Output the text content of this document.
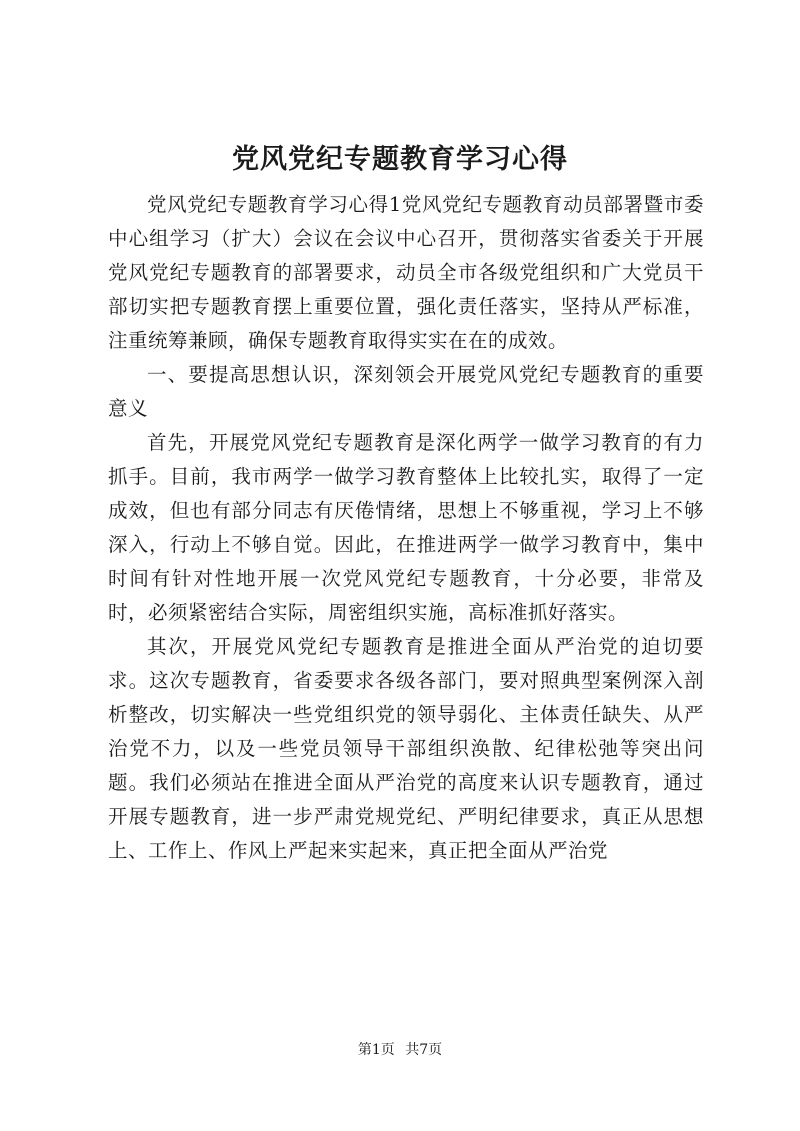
党风党纪专题教育学习心得

党风党纪专题教育学习心得1党风党纪专题教育动员部署暨市委中心组学习（扩大）会议在会议中心召开，贯彻落实省委关于开展党风党纪专题教育的部署要求，动员全市各级党组织和广大党员干部切实把专题教育摆上重要位置，强化责任落实，坚持从严标准，注重统筹兼顾，确保专题教育取得实实在在的成效。

一、要提高思想认识，深刻领会开展党风党纪专题教育的重要意义

首先，开展党风党纪专题教育是深化两学一做学习教育的有力抓手。目前，我市两学一做学习教育整体上比较扎实，取得了一定成效，但也有部分同志有厌倦情绪，思想上不够重视，学习上不够深入，行动上不够自觉。因此，在推进两学一做学习教育中，集中时间有针对性地开展一次党风党纪专题教育，十分必要，非常及时，必须紧密结合实际，周密组织实施，高标准抓好落实。

其次，开展党风党纪专题教育是推进全面从严治党的迫切要求。这次专题教育，省委要求各级各部门，要对照典型案例深入剖析整改，切实解决一些党组织党的领导弱化、主体责任缺失、从严治党不力，以及一些党员领导干部组织涣散、纪律松弛等突出问题。我们必须站在推进全面从严治党的高度来认识专题教育，通过开展专题教育，进一步严肃党规党纪、严明纪律要求，真正从思想上、工作上、作风上严起来实起来，真正把全面从严治党

第1页 共7页
